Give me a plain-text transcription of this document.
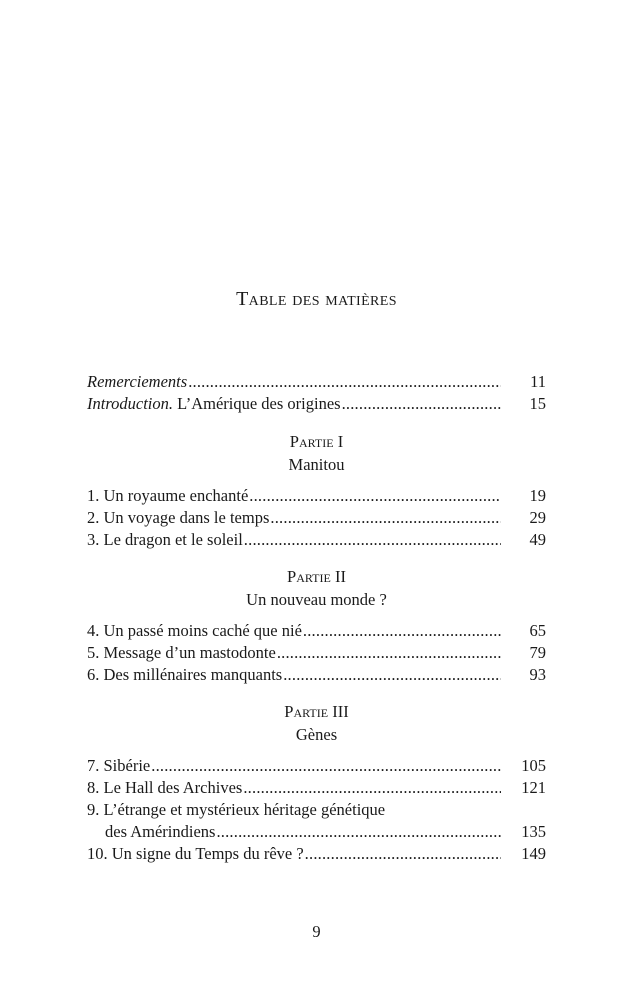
Table des matières
Remerciements .....	11
Introduction. L’Amérique des origines .....	15
Partie I
Manitou
1. Un royaume enchanté .....	19
2. Un voyage dans le temps .....	29
3. Le dragon et le soleil .....	49
Partie II
Un nouveau monde ?
4. Un passé moins caché que nié .....	65
5. Message d’un mastodonte .....	79
6. Des millénaires manquants .....	93
Partie III
Gènes
7. Sibérie .....	105
8. Le Hall des Archives .....	121
9. L’étrange et mystérieux héritage génétique
des Amérindiens .....	135
10. Un signe du Temps du rêve ? .....	149
9
